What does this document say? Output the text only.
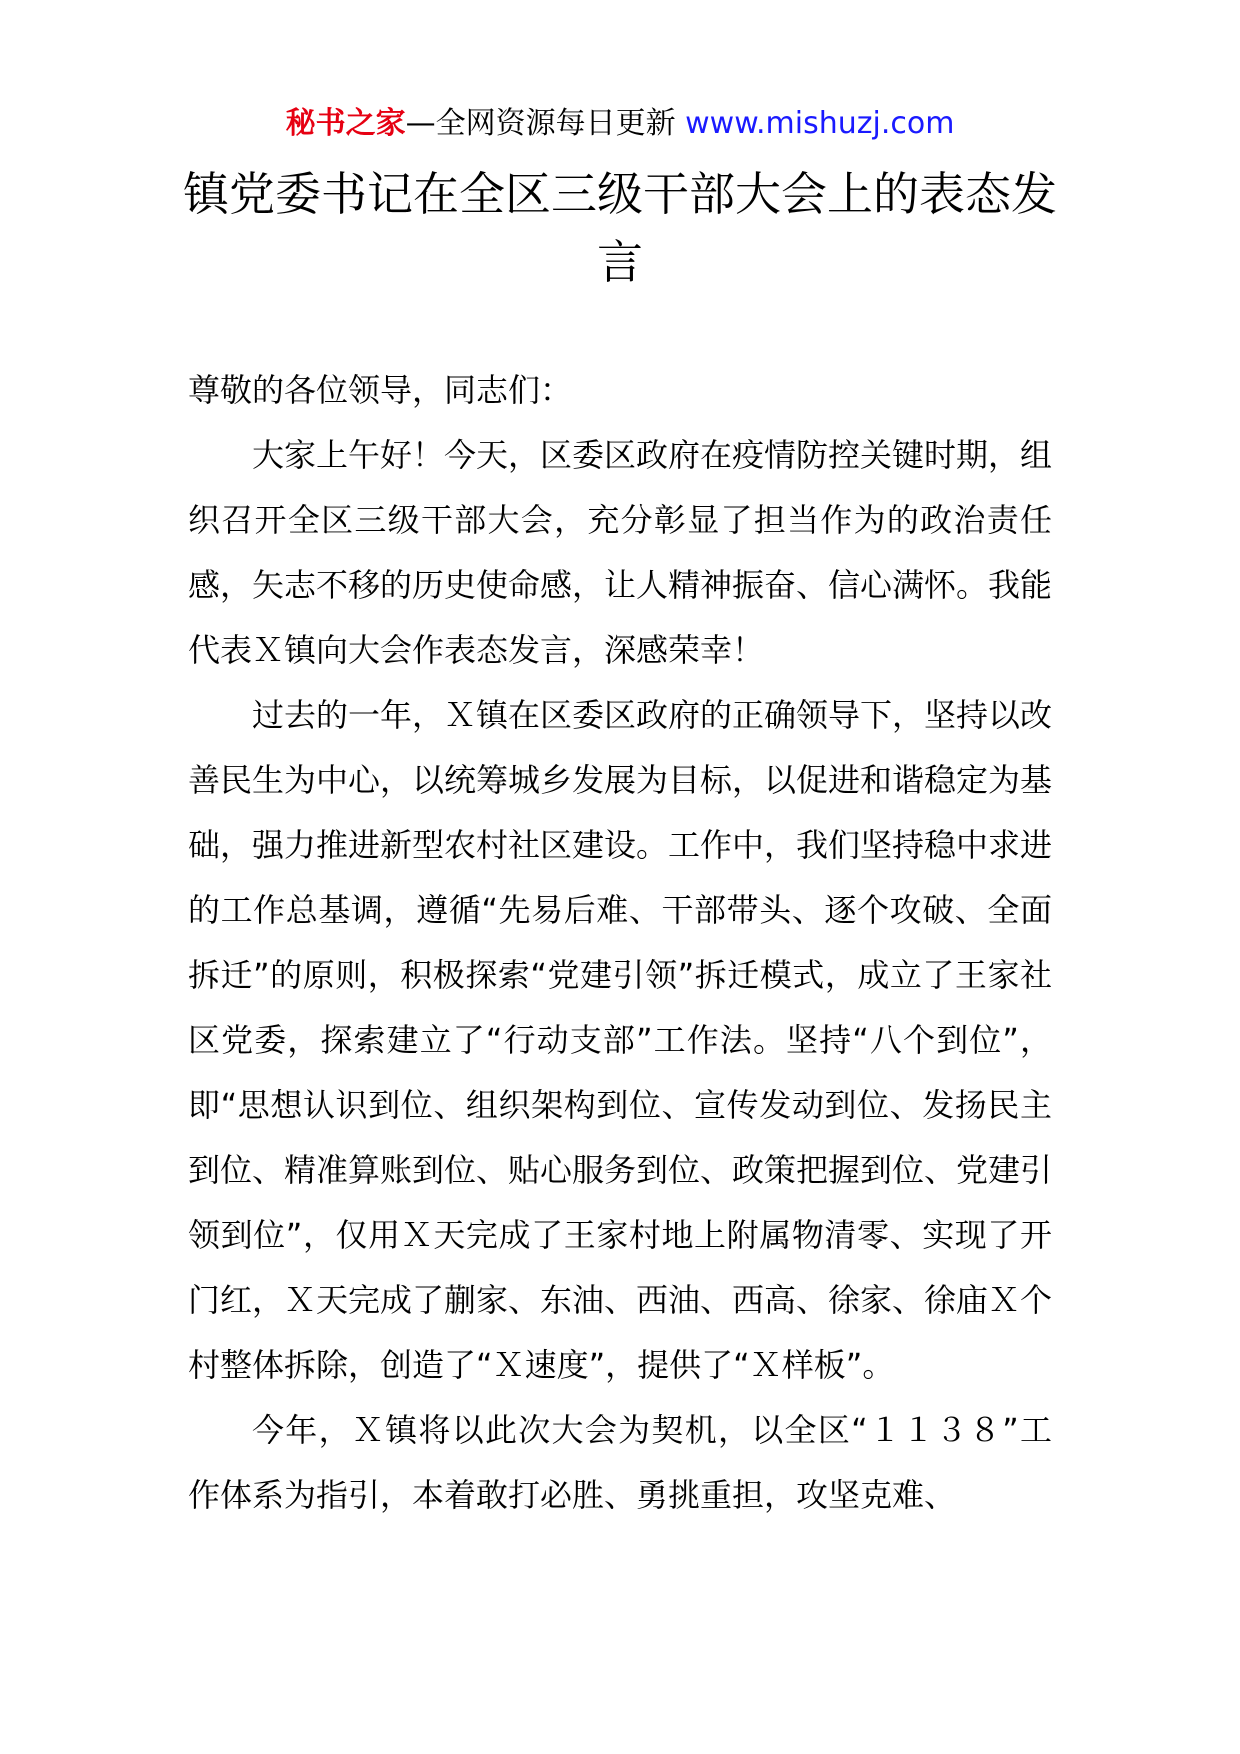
秘书之家—全网资源每日更新 www.mishuzj.com
镇党委书记在全区三级干部大会上的表态发言

尊敬的各位领导，同志们：

大家上午好！今天，区委区政府在疫情防控关键时期，组织召开全区三级干部大会，充分彰显了担当作为的政治责任感，矢志不移的历史使命感，让人精神振奋、信心满怀。我能代表Ｘ镇向大会作表态发言，深感荣幸！

过去的一年，Ｘ镇在区委区政府的正确领导下，坚持以改善民生为中心，以统筹城乡发展为目标，以促进和谐稳定为基础，强力推进新型农村社区建设。工作中，我们坚持稳中求进的工作总基调，遵循“先易后难、干部带头、逐个攻破、全面拆迁”的原则，积极探索“党建引领”拆迁模式，成立了王家社区党委，探索建立了“行动支部”工作法。坚持“八个到位”，即“思想认识到位、组织架构到位、宣传发动到位、发扬民主到位、精准算账到位、贴心服务到位、政策把握到位、党建引领到位”，仅用Ｘ天完成了王家村地上附属物清零、实现了开门红，Ｘ天完成了蒯家、东油、西油、西高、徐家、徐庙Ｘ个村整体拆除，创造了“Ｘ速度”，提供了“Ｘ样板”。

今年，Ｘ镇将以此次大会为契机，以全区“１１３８”工作体系为指引，本着敢打必胜、勇挑重担，攻坚克难、
